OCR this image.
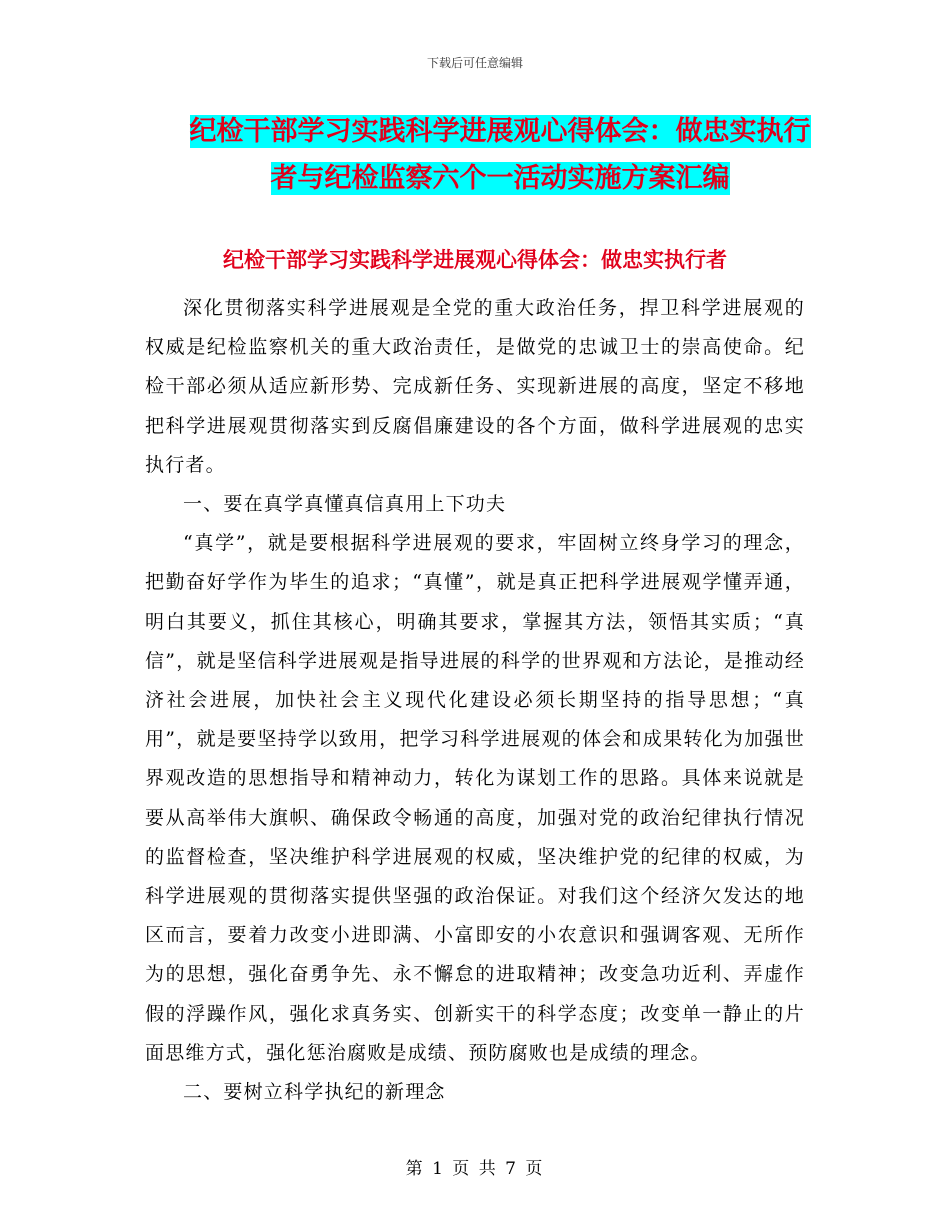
下载后可任意编辑
纪检干部学习实践科学进展观心得体会：做忠实执行
者与纪检监察六个一活动实施方案汇编
纪检干部学习实践科学进展观心得体会：做忠实执行者

深化贯彻落实科学进展观是全党的重大政治任务，捍卫科学进展观的权威是纪检监察机关的重大政治责任，是做党的忠诚卫士的崇高使命。纪检干部必须从适应新形势、完成新任务、实现新进展的高度，坚定不移地把科学进展观贯彻落实到反腐倡廉建设的各个方面，做科学进展观的忠实执行者。

一、要在真学真懂真信真用上下功夫

“真学”，就是要根据科学进展观的要求，牢固树立终身学习的理念，把勤奋好学作为毕生的追求；“真懂”，就是真正把科学进展观学懂弄通，明白其要义，抓住其核心，明确其要求，掌握其方法，领悟其实质；“真信”，就是坚信科学进展观是指导进展的科学的世界观和方法论，是推动经济社会进展，加快社会主义现代化建设必须长期坚持的指导思想；“真用”，就是要坚持学以致用，把学习科学进展观的体会和成果转化为加强世界观改造的思想指导和精神动力，转化为谋划工作的思路。具体来说就是要从高举伟大旗帜、确保政令畅通的高度，加强对党的政治纪律执行情况的监督检查，坚决维护科学进展观的权威，坚决维护党的纪律的权威，为科学进展观的贯彻落实提供坚强的政治保证。对我们这个经济欠发达的地区而言，要着力改变小进即满、小富即安的小农意识和强调客观、无所作为的思想，强化奋勇争先、永不懈怠的进取精神；改变急功近利、弄虚作假的浮躁作风，强化求真务实、创新实干的科学态度；改变单一静止的片面思维方式，强化惩治腐败是成绩、预防腐败也是成绩的理念。

二、要树立科学执纪的新理念

第 1 页 共 7 页
